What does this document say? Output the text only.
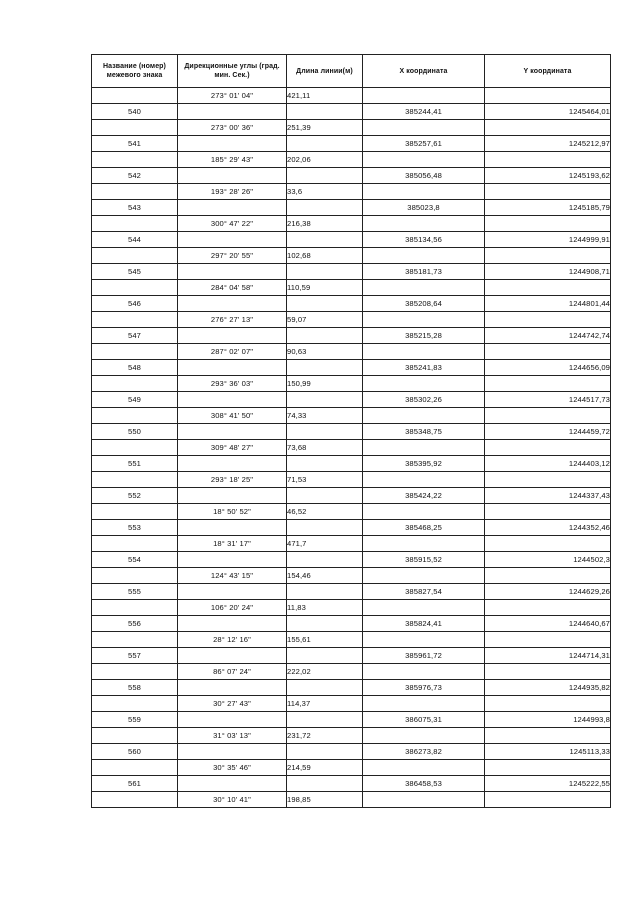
Название (номер) межевого знака	Дирекционные углы (град. мин. Сек.)	Длина линии(м)	Х координата	Y координата
	273° 01' 04"	421,11		
540			385244,41	1245464,01
	273° 00' 36"	251,39		
541			385257,61	1245212,97
	185° 29' 43"	202,06		
542			385056,48	1245193,62
	193° 28' 26"	33,6		
543			385023,8	1245185,79
	300° 47' 22"	216,38		
544			385134,56	1244999,91
	297° 20' 55"	102,68		
545			385181,73	1244908,71
	284° 04' 58"	110,59		
546			385208,64	1244801,44
	276° 27' 13"	59,07		
547			385215,28	1244742,74
	287° 02' 07"	90,63		
548			385241,83	1244656,09
	293° 36' 03"	150,99		
549			385302,26	1244517,73
	308° 41' 50"	74,33		
550			385348,75	1244459,72
	309° 48' 27"	73,68		
551			385395,92	1244403,12
	293° 18' 25"	71,53		
552			385424,22	1244337,43
	18° 50' 52"	46,52		
553			385468,25	1244352,46
	18° 31' 17"	471,7		
554			385915,52	1244502,3
	124° 43' 15"	154,46		
555			385827,54	1244629,26
	106° 20' 24"	11,83		
556			385824,41	1244640,67
	28° 12' 16"	155,61		
557			385961,72	1244714,31
	86° 07' 24"	222,02		
558			385976,73	1244935,82
	30° 27' 43"	114,37		
559			386075,31	1244993,8
	31° 03' 13"	231,72		
560			386273,82	1245113,33
	30° 35' 46"	214,59		
561			386458,53	1245222,55
	30° 10' 41"	198,85		
